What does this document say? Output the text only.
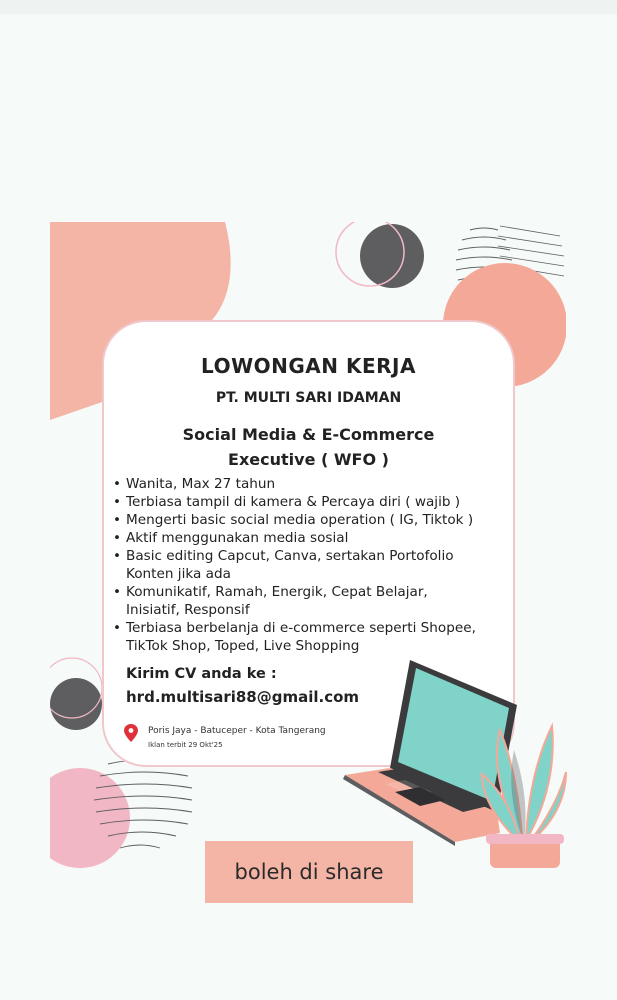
LOWONGAN KERJA
PT. MULTI SARI IDAMAN
Social Media & E-Commerce
Executive ( WFO )
• Wanita, Max 27 tahun
• Terbiasa tampil di kamera & Percaya diri ( wajib )
• Mengerti basic social media operation ( IG, Tiktok )
• Aktif menggunakan media sosial
• Basic editing Capcut, Canva, sertakan Portofolio Konten jika ada
• Komunikatif, Ramah, Energik, Cepat Belajar, Inisiatif, Responsif
• Terbiasa berbelanja di e-commerce seperti Shopee, TikTok Shop, Toped, Live Shopping
Kirim CV anda ke :
hrd.multisari88@gmail.com
Poris Jaya - Batuceper - Kota Tangerang
Iklan terbit 29 Okt'25
boleh di share
